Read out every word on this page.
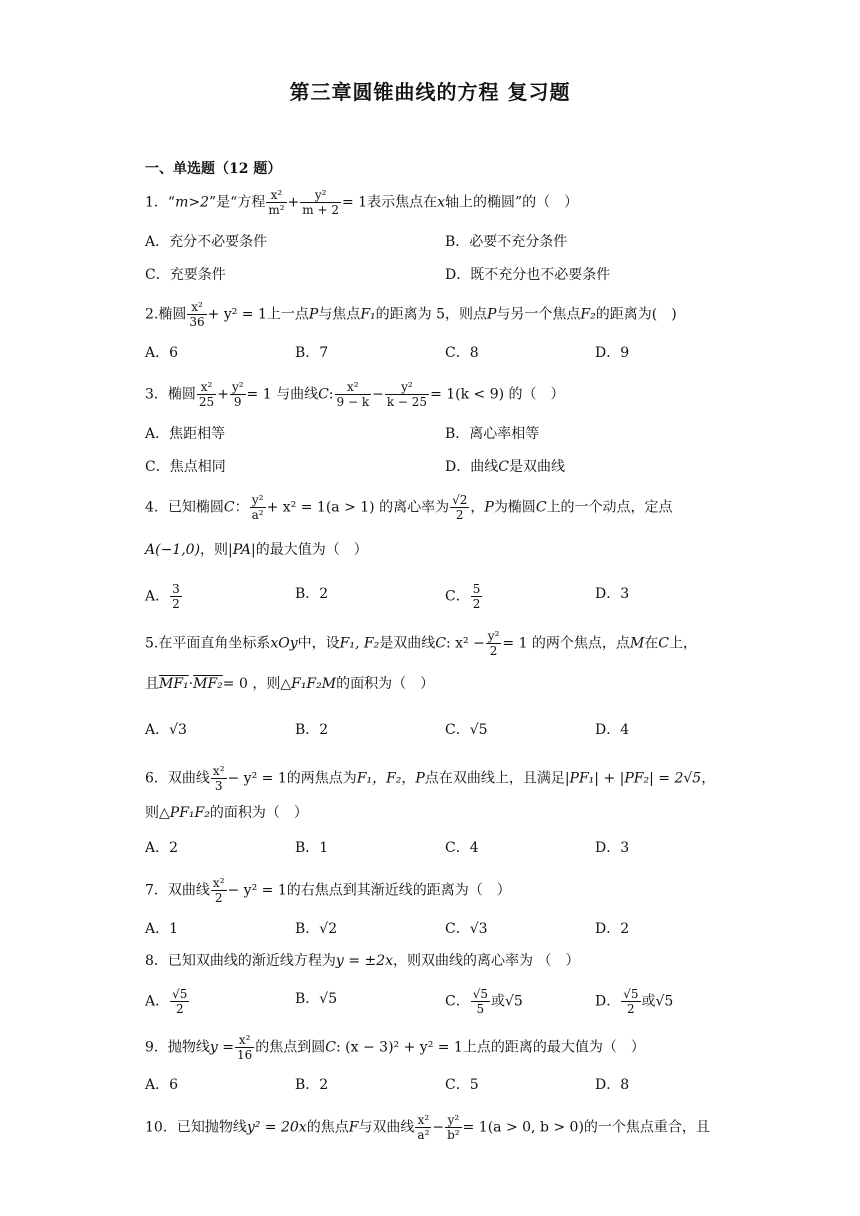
第三章圆锥曲线的方程 复习题
一、单选题（12 题）
1．“m>2”是“方程 $\frac{\text{x²}}{\text{m²}} + \frac{\text{y²}}{m + 2} = 1$表示焦点在x轴上的椭圆”的（　）
A．充分不必要条件	B．必要不充分条件
C．充要条件	D．既不充分也不必要条件
2.椭圆 $\frac{\text{x²}}{36} + y^2 = 1$上一点P与焦点F₁的距离为 5，则点P与另一个焦点F₂的距离为(　)
A．6	B．7	C．8	D．9
3．椭圆 $\frac{\text{x²}}{25} + \frac{\text{y²}}{9} = 1$ 与曲线C: $\frac{\text{x²}}{9 - k} - \frac{\text{y²}}{k - 25} = 1(k < 9)$ 的（　）
A．焦距相等	B．离心率相等
C．焦点相同	D．曲线C是双曲线
4．已知椭圆C： $\frac{\text{y²}}{\text{a²}} + x^2 = 1(a > 1)$ 的离心率为 $\frac{√2}{2}$ ，P为椭圆C上的一个动点，定点
A(−1,0)，则|PA|的最大值为（　）
A． $\frac{3}{2}$	B．2	C． $\frac{5}{2}$	D．3
5.在平面直角坐标系xOy中，设F₁, F₂是双曲线C: $x^2 - \frac{\text{y²}}{2} = 1$ 的两个焦点，点M在C上，
且MF₁·MF₂= 0 ，则△F₁F₂M的面积为（　）
A．√3	B．2	C．√5	D．4
6．双曲线 $\frac{\text{x²}}{3} - y^2 = 1$的两焦点为F₁，F₂，P点在双曲线上，且满足|PF₁| + |PF₂| = 2√5，
则△PF₁F₂的面积为（　）
A．2	B．1	C．4	D．3
7．双曲线 $\frac{\text{x²}}{2} - y^2 = 1$的右焦点到其渐近线的距离为（　）
A．1	B．√2	C．√3	D．2
8．已知双曲线的渐近线方程为y = ±2x，则双曲线的离心率为 （　）
A． $\frac{√5}{2}$	B．√5	C． $\frac{√5}{5}$ 或√5	D． $\frac{√5}{2}$ 或√5
9．抛物线$y = \frac{\text{x²}}{16}$ 的焦点到圆C: (x − 3)² + y² = 1上点的距离的最大值为（　）
A．6	B．2	C．5	D．8
10．已知抛物线y² = 20x的焦点F与双曲线 $\frac{\text{x²}}{\text{a²}} - \frac{\text{y²}}{\text{b²}} = 1(a > 0$, b > 0)的一个焦点重合，且
